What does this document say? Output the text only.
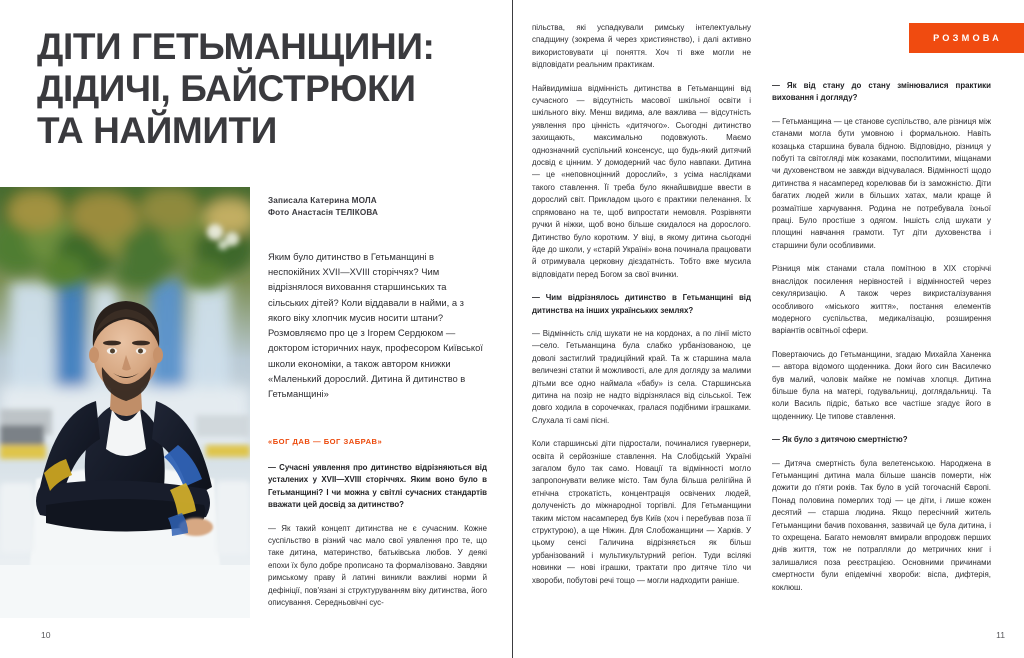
ДІТИ ГЕТЬМАНЩИНИ:
ДІДИЧІ, БАЙСТРЮКИ
ТА НАЙМИТИ
Записала Катерина МОЛА
Фото Анастасія ТЕЛІКОВА

Яким було дитинство в Гетьманщині в неспокійних XVII—XVIII сторіччях? Чим відрізнялося виховання старшинських та сільських дітей? Коли віддавали в найми, а з якого віку хлопчик мусив носити штани? Розмовляємо про це з Ігорем Сердюком — доктором історичних наук, професором Київської школи економіки, а також автором книжки «Маленький дорослий. Дитина й дитинство в Гетьманщині»

«БОГ ДАВ — БОГ ЗАБРАВ»

— Сучасні уявлення про дитинство відрізняються від усталених у XVII—XVIII сторіччях. Яким воно було в Гетьманщині? І чи можна у світлі сучасних стандартів вважати цей досвід за дитинство?

— Як такий концепт дитинства не є сучасним. Кожне суспільство в різний час мало свої уявлення про те, що таке дитина, материнство, батьківська любов. У деякі епохи їх було добре прописано та формалізовано. Завдяки римському праву й латині виникли важливі норми й дефініції, пов'язані зі структуруванням віку дитинства, його описування. Середньовічні сус-

10
РОЗМОВА

пільства, які успадкували римську інтелектуальну спадщину (зокрема й через християнство), і далі активно використовувати ці поняття. Хоч ті вже могли не відповідати реальним практикам.

Найвидиміша відмінність дитинства в Гетьманщині від сучасного — відсутність масової шкільної освіти і шкільного віку. Менш видима, але важлива — відсутність уявлення про цінність «дитячого». Сьогодні дитинство захищають, максимально подовжують. Маємо однозначний суспільний консенсус, що будь-який дитячий досвід є цінним. У домодерний час було навпаки. Дитина — це «неповноцінний дорослий», з усіма наслідками такого ставлення. Її треба було якнайшвидше ввести в дорослий світ. Прикладом цього є практики пеленання. Їх спрямовано на те, щоб випростати немовля. Розрівняти ручки й ніжки, щоб воно більше скидалося на дорослого. Дитинство було коротким. У віці, в якому дитина сьогодні йде до школи, у «старій Україні» вона починала працювати й отримувала церковну дієздатність. Тобто вже мусила відповідати перед Богом за свої вчинки.

— Чим відрізнялось дитинство в Гетьманщині від дитинства на інших українських землях?

— Відмінність слід шукати не на кордонах, а по лінії місто—село. Гетьманщина була слабко урбанізованою, це доволі застиглий традиційний край. Та ж старшина мала величезні статки й можливості, але для догляду за малими дітьми все одно наймала «бабу» із села. Старшинська дитина на позір не надто відрізнялася від сільської. Теж довго ходила в сорочечках, гралася подібними іграшками. Слухала ті самі пісні.

Коли старшинські діти підростали, починалися гувернери, освіта й серйозніше ставлення. На Слобідській Україні загалом було так само. Новації та відмінності могло запропонувати велике місто. Там була більша релігійна й етнічна строкатість, концентрація освічених людей, долученість до міжнародної торгівлі. Для Гетьманщини таким містом насамперед був Київ (хоч і перебував поза її структурою), а ще Ніжин. Для Слобожанщини — Харків. У цьому сенсі Галичина відрізняється як більш урбанізований і мультикультурний регіон. Туди всілякі новинки — нові іграшки, трактати про дитяче тіло чи хвороби, побутові речі тощо — могли надходити раніше.

— Як від стану до стану змінювалися практики виховання і догляду?

— Гетьманщина — це станове суспільство, але різниця між станами могла бути умовною і формальною. Навіть козацька старшина бувала бідною. Відповідно, різниця у побуті та світогляді між козаками, посполитими, міщанами чи духовенством не завжди відчувалася. Відмінності щодо дитинства я насамперед корелював би із заможністю. Діти багатих людей жили в більших хатах, мали краще й розмаїтіше харчування. Родина не потребувала їхньої праці. Було простіше з одягом. Іншість слід шукати у площині навчання грамоти. Тут діти духовенства і старшини були особливими.

Різниця між станами стала помітною в XIX сторіччі внаслідок посилення нерівностей і відмінностей через секуляризацію. А також через викристалізування особливого «міського життя», постання елементів модерного суспільства, медикалізацію, розширення варіантів освітньої сфери.

Повертаючись до Гетьманщини, згадаю Михайла Ханенка — автора відомого щоденника. Доки його син Василечко був малий, чоловік майже не помічав хлопця. Дитина більше була на матері, годувальниці, доглядальниці. Та коли Василь підріс, батько все частіше згадує його в щоденнику. Це типове ставлення.

— Як було з дитячою смертністю?

— Дитяча смертність була велетенською. Народжена в Гетьманщині дитина мала більше шансів померти, ніж дожити до п'яти років. Так було в усій тогочасній Європі. Понад половина померлих тоді — це діти, і лише кожен десятий — старша людина. Якщо пересічний житель Гетьманщини бачив поховання, зазвичай це була дитина, і то охрещена. Багато немовлят вмирали впродовж перших днів життя, тож не потрапляли до метричних книг і залишалися поза реєстрацією. Основними причинами смертности були епідемічні хвороби: віспа, дифтерія, коклюш.

11
